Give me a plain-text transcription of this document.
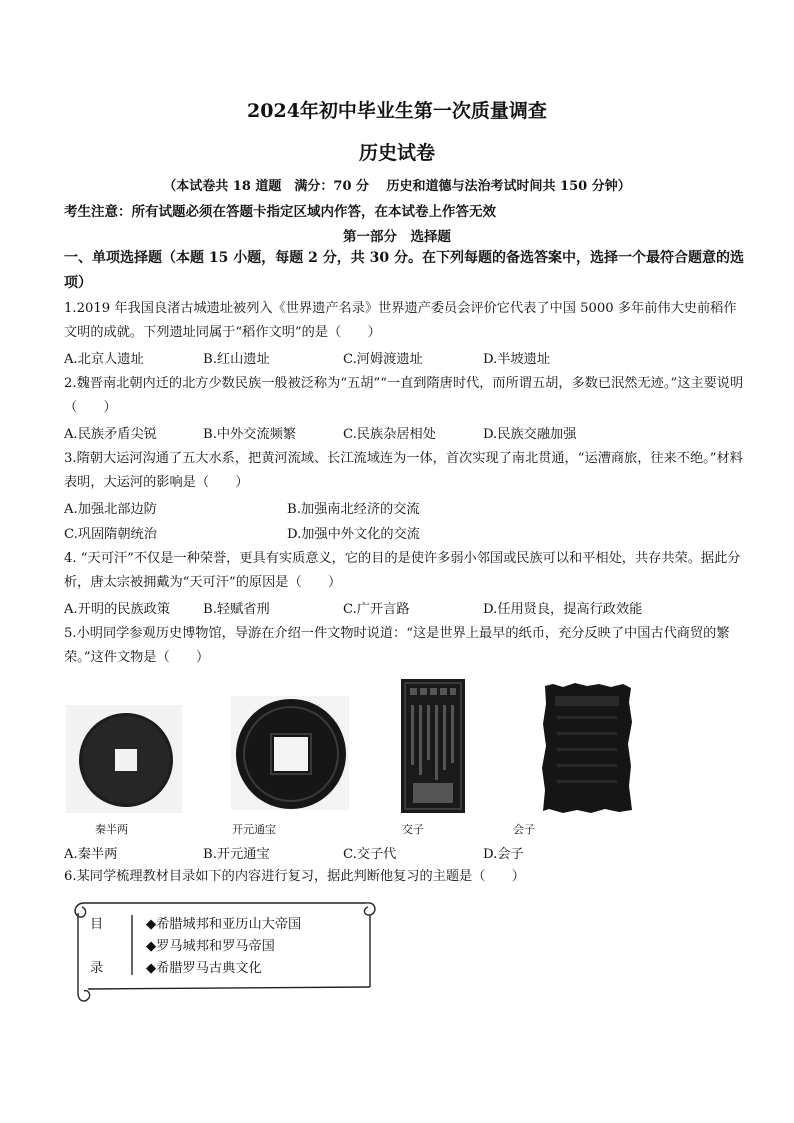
2024年初中毕业生第一次质量调查
历史试卷
（本试卷共 18 道题　满分：70 分　 历史和道德与法治考试时间共 150 分钟）
考生注意：所有试题必须在答题卡指定区域内作答，在本试卷上作答无效
第一部分　选择题
一、单项选择题（本题 15 小题，每题 2 分，共 30 分。在下列每题的备选答案中，选择一个最符合题意的选项）
1.2019 年我国良渚古城遗址被列入《世界遗产名录》世界遗产委员会评价它代表了中国 5000 多年前伟大史前稻作文明的成就。下列遗址同属于“稻作文明”的是（　　）
A.北京人遗址	B.红山遗址	C.河姆渡遗址	D.半坡遗址
2.魏晋南北朝内迁的北方少数民族一般被泛称为“五胡”“一直到隋唐时代，而所谓五胡，多数已泯然无迹。”这主要说明（　　）
A.民族矛盾尖锐	B.中外交流频繁	C.民族杂居相处	D.民族交融加强
3.隋朝大运河沟通了五大水系，把黄河流域、长江流域连为一体，首次实现了南北贯通，“运漕商旅，往来不绝。”材料表明，大运河的影响是（　　）
A.加强北部边防	B.加强南北经济的交流
C.巩固隋朝统治	D.加强中外文化的交流
4. “天可汗”不仅是一种荣誉，更具有实质意义，它的目的是使许多弱小邻国或民族可以和平相处，共存共荣。据此分析，唐太宗被拥戴为“天可汗”的原因是（　　）
A.开明的民族政策 B.轻赋省刑	C.广开言路	D.任用贤良，提高行政效能
5.小明同学参观历史博物馆，导游在介绍一件文物时说道：“这是世界上最早的纸币，充分反映了中国古代商贸的繁荣。”这件文物是（　　）
秦半两	开元通宝	交子	会子
A.秦半两	B.开元通宝	C.交子代	D.会子
6.某同学梳理教材目录如下的内容进行复习，据此判断他复习的主题是（　　）
目
录
◆希腊城邦和亚历山大帝国
◆罗马城邦和罗马帝国
◆希腊罗马古典文化
